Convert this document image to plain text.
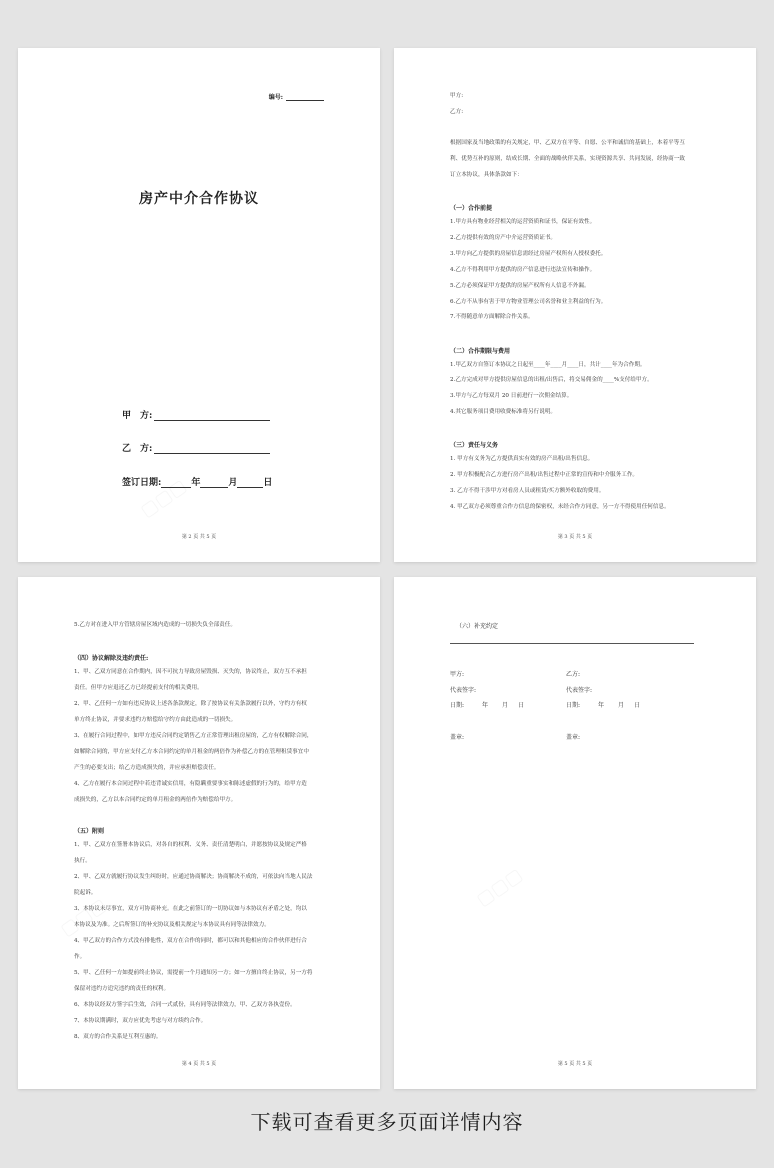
编号:
房产中介合作协议
甲　方:
乙　方:
签订日期:	年	月	日
第 2 页 共 5 页
甲方:
乙方:

根据国家及当地政策的有关规定，甲、乙双方在平等、自愿、公平和诚信的基础上，本着平等互

利、优势互补的原则，结成长期、全面的战略伙伴关系，实现资源共享、共同发展，经协商一致

订立本协议，具体条款如下：

（一）合作前提
1.甲方具有物业经营相关的运营资质和证书，保证有效性。
2.乙方提供有效的房产中介运营资质证书。
3.甲方向乙方提供的房屋信息需经过房屋产权所有人授权委托。
4.乙方不得利用甲方提供的房产信息进行违法宣传和操作。
5.乙方必须保证甲方提供的房屋产权所有人信息不外漏。
6.乙方不从事有害于甲方物业管理公司名誉和业主利益的行为。
7.不得随意单方面解除合作关系。
（二）合作期限与费用
1.甲乙双方自签订本协议之日起至____年____月____日，共计____年为合作期。
2.乙方完成对甲方提供房屋信息的出租/出售后，将交易佣金的____%支付给甲方。
3.甲方与乙方每双月 20 日前进行一次佣金结算。
4.其它服务项目费用收费标准将另行说明。
（三）责任与义务
1. 甲方有义务为乙方提供真实有效的房产出租/出售信息。
2. 甲方积极配合乙方进行房产出租/出售过程中正常的宣传和中介服务工作。
3. 乙方不得干涉甲方对看房人员或租赁/买方额外收取的费用。
4. 甲乙双方必须尊重合作方信息的保密权，未经合作方同意，另一方不得使用任何信息。
第 3 页 共 5 页
5.乙方对在进入甲方管辖房屋区域内造成的一切损失负全部责任。
（四）协议解除及违约责任:

1、甲、乙双方同意在合作期内，因不可抗力导致房屋毁损、灭失的，协议终止，双方互不承担

责任。但甲方应退还乙方已经提前支付的相关费用。

2、甲、乙任何一方如有违反协议上述各条款规定，除了按协议有关条款履行以外，守约方有权

单方终止协议，并要求违约方赔偿给守约方由此造成的一切损失。

3、在履行合同过程中，如甲方违反合同约定销售乙方正常管理出租房屋的，乙方有权解除合同，

如解除合同的，甲方应支付乙方本合同约定的单月租金的两倍作为补偿乙方的在管理租赁事宜中

产生的必要支出；给乙方造成损失的，并应承担赔偿责任。

4、乙方在履行本合同过程中若违背诚实信用，有隐瞒重要事实和陈述虚假的行为的，给甲方造

成损失的，乙方以本合同约定的单月租金的两倍作为赔偿给甲方。

（五）附则

1、甲、乙双方在签署本协议后，对各自的权利、义务、责任清楚明白，并愿按协议及规定严格

执行。

2、甲、乙双方就履行协议发生纠纷时，应通过协商解决；协商解决不成的，可依法向当地人民法

院起诉。

3、本协议未尽事宜，双方可协商补充。在此之前签订的一切协议如与本协议有矛盾之处，均以

本协议及为准。之后所签订的补充协议及相关规定与本协议具有同等法律效力。

4、甲乙双方的合作方式没有排他性，双方在合作的同时，都可以和其他相应的合作伙伴进行合

作。

5、甲、乙任何一方如提前终止协议，需提前一个月通知另一方；如一方擅自终止协议，另一方将

保留对违约方追究违约的责任的权利。

6、本协议经双方签字后生效，合同一式贰份，具有同等法律效力，甲、乙双方各执壹份。

7、本协议期满时，双方应优先考虑与对方续约合作。

8、双方的合作关系是互利互惠的。

第 4 页 共 5 页
（六）补充约定
甲方:	乙方:
代表签字:	代表签字:
日期:	年 月 日	日期:	年 月 日
盖章:	盖章:
第 5 页 共 5 页
下载可查看更多页面详情内容
